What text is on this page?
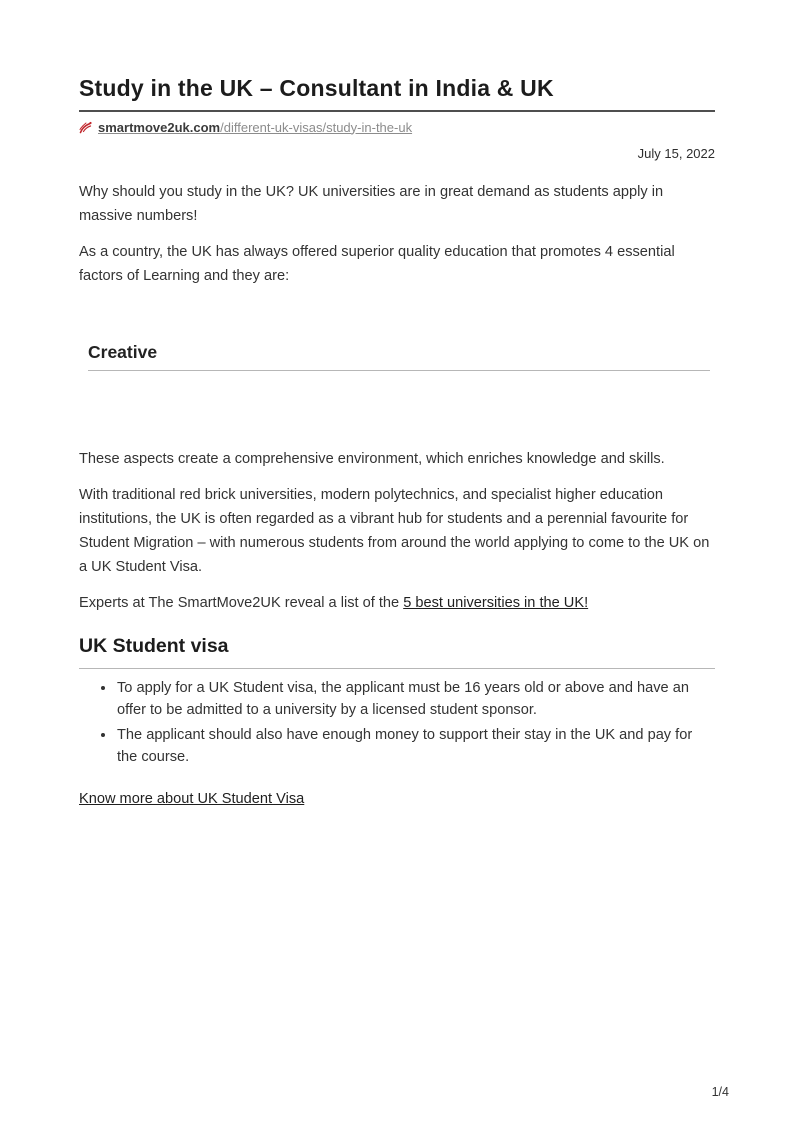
Study in the UK – Consultant in India & UK
smartmove2uk.com/different-uk-visas/study-in-the-uk
July 15, 2022

Why should you study in the UK? UK universities are in great demand as students apply in massive numbers!

As a country, the UK has always offered superior quality education that promotes 4 essential factors of Learning and they are:

Creative

These aspects create a comprehensive environment, which enriches knowledge and skills.

With traditional red brick universities, modern polytechnics, and specialist higher education institutions, the UK is often regarded as a vibrant hub for students and a perennial favourite for Student Migration – with numerous students from around the world applying to come to the UK on a UK Student Visa.

Experts at The SmartMove2UK reveal a list of the 5 best universities in the UK!

UK Student visa
• To apply for a UK Student visa, the applicant must be 16 years old or above and have an offer to be admitted to a university by a licensed student sponsor.
• The applicant should also have enough money to support their stay in the UK and pay for the course.

Know more about UK Student Visa

1/4
